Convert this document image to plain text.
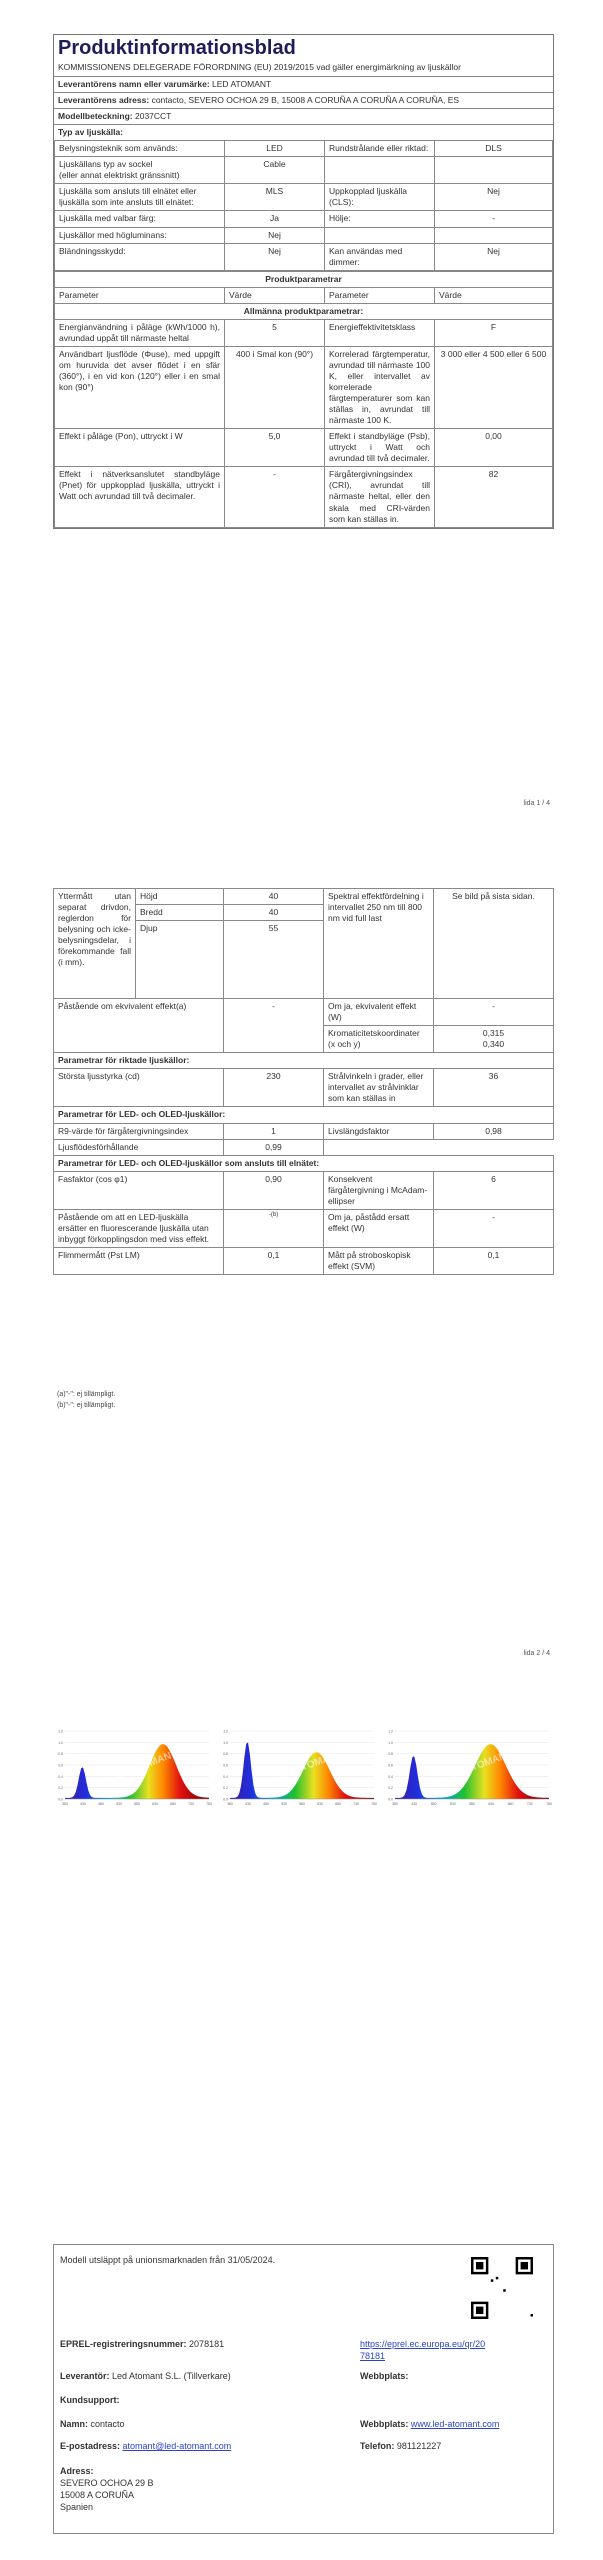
Produktinformationsblad
KOMMISSIONENS DELEGERADE FÖRORDNING (EU) 2019/2015 vad gäller energimärkning av ljuskällor
Leverantörens namn eller varumärke: LED ATOMANT
Leverantörens adress: contacto, SEVERO OCHOA 29 B, 15008 A CORUÑA A CORUÑA A CORUÑA, ES
Modellbeteckning: 2037CCT
Typ av ljuskälla:
Belysningsteknik som används:	LED	Rundstrålande eller riktad:	DLS
Ljuskällans typ av sockel
(eller annat elektriskt gränssnitt)	Cable		
Ljuskälla som ansluts till elnätet eller ljuskälla som inte ansluts till elnätet:	MLS	Uppkopplad ljuskälla (CLS):	Nej
Ljuskälla med valbar färg:	Ja	Hölje:	-
Ljuskällor med högluminans:	Nej		
Bländningsskydd:	Nej	Kan användas med dimmer:	Nej
Produktparametrar			
Parameter	Värde	Parameter	Värde
Allmänna produktparametrar:			
Energianvändning i påläge (kWh/1000 h), avrundad uppåt till närmaste heltal	5	Energieffektivitetsklass	F
Användbart ljusflöde (Φuse), med uppgift om huruvida det avser flödet i en sfär (360°), i en vid kon (120°) eller i en smal kon (90°)	400 i Smal kon (90°)	Korrelerad färgtemperatur, avrundad till närmaste 100 K, eller intervallet av korrelerade färgtemperaturer som kan ställas in, avrundat till närmaste 100 K.	3 000 eller 4 500 eller 6 500
Effekt i påläge (Pon), uttryckt i W	5,0	Effekt i standbyläge (Psb), uttryckt i Watt och avrundad till två decimaler.	0,00
Effekt i nätverksanslutet standbyläge (Pnet) för uppkopplad ljuskälla, uttryckt i Watt och avrundad till två decimaler.	-	Färgåtergivningsindex (CRI), avrundat till närmaste heltal, eller den skala med CRI-värden som kan ställas in.	82
lida 1 / 4
Yttermått utan separat drivdon, reglerdon för belysning och icke-belysningsdelar, i förekommande fall (i mm).	Höjd	40	Spektral effektfördelning i intervallet 250 nm till 800 nm vid full last	Se bild på sista sidan.
	Bredd	40		
	Djup	55		
Påstående om ekvivalent effekt(a)		-	Om ja, ekvivalent effekt (W)	-
			Kromaticitetskoordinater (x och y)	0,315
0,340
Parametrar för riktade ljuskällor:				
Största ljusstyrka (cd)		230	Strålvinkeln i grader, eller intervallet av strålvinklar som kan ställas in	36
Parametrar för LED- och OLED-ljuskällor:				
R9-värde för färgåtergivningsindex		1	Livslängdsfaktor	0,98
Ljusflödesförhållande		0,99		
Parametrar för LED- och OLED-ljuskällor som ansluts till elnätet:				
Fasfaktor (cos φ1)		0,90	Konsekvent färgåtergivning i McAdam-ellipser	6
Påstående om att en LED-ljuskälla ersätter en fluorescerande ljuskälla utan inbyggt förkopplingsdon med viss effekt.		-(b)	Om ja, påstådd ersatt effekt (W)	-
Flimmermått (Pst LM)		0,1	Mått på stroboskopisk effekt (SVM)	0,1
(a)"-": ej tillämpligt.
(b)"-": ej tillämpligt.
lida 2 / 4
1.2
1.0
0.8
0.6
0.4
0.2
0.0
380	430	480	530	580	630	680	730	780
LED ATOMANT
1.2
1.0
0.8
0.6
0.4
0.2
0.0
380	430	480	530	580	630	680	730	780
LED ATOMANT
1.2
1.0
0.8
0.6
0.4
0.2
0.0
380	430	480	530	580	630	680	730	780
LED ATOMANT
Modell utsläppt på unionsmarknaden från 31/05/2024.
EPREL-registreringsnummer: 2078181	https://eprel.ec.europa.eu/qr/2078181
Leverantör: Led Atomant S.L. (Tillverkare)	Webbplats:
Kundsupport:
Namn: contacto	Webbplats: www.led-atomant.com
E-postadress: atomant@led-atomant.com	Telefon: 981121227
Adress:
SEVERO OCHOA 29 B
15008 A CORUÑA
Spanien
